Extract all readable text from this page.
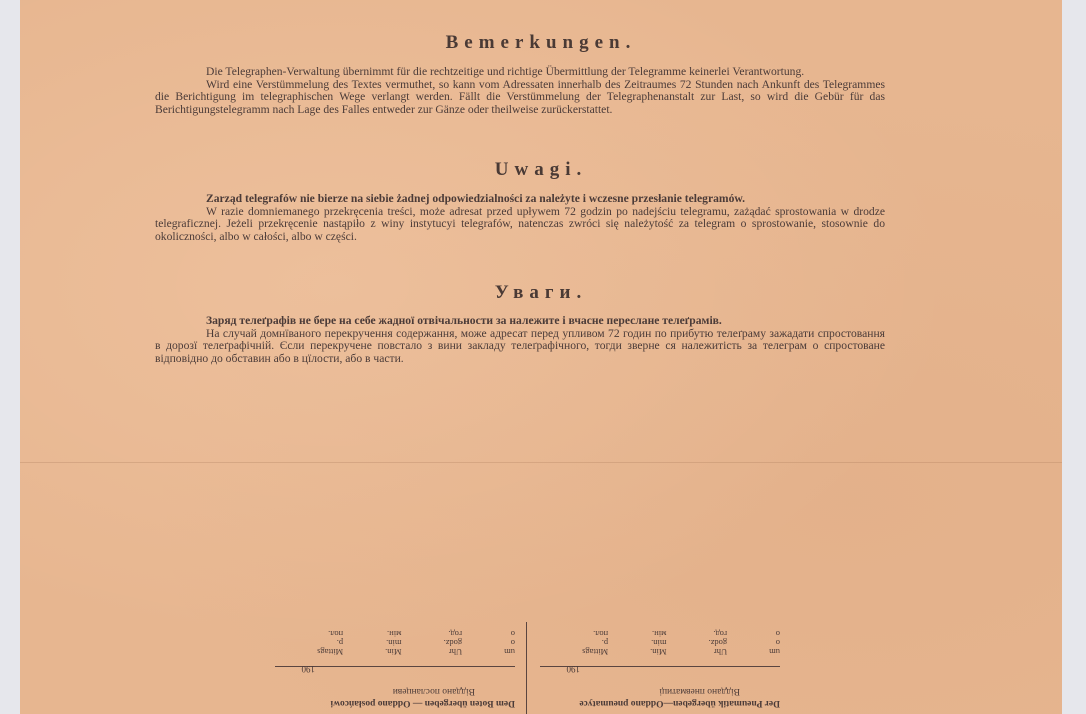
Bemerkungen.

Die Telegraphen-Verwaltung übernimmt für die rechtzeitige und richtige Übermittlung der Telegramme keinerlei Verantwortung.

Wird eine Verstümmelung des Textes vermuthet, so kann vom Adressaten innerhalb des Zeitraumes 72 Stunden nach Ankunft des Telegrammes die Berichtigung im telegraphischen Wege verlangt werden. Fällt die Verstümmelung der Telegraphenanstalt zur Last, so wird die Gebür für das Berichtigungstelegramm nach Lage des Falles entweder zur Gänze oder theilweise zurückerstattet.

Uwagi.

Zarząd telegrafów nie bierze na siebie żadnej odpowiedzialności za należyte i wczesne przesłanie telegramów.

W razie domniemanego przekręcenia treści, może adresat przed upływem 72 godzin po nadejściu telegramu, zażądać sprostowania w drodze telegraficznej. Jeżeli przekręcenie nastąpiło z winy instytucyi telegrafów, natenczas zwróci się należytość za telegram o sprostowanie, stosownie do okoliczności, albo w całości, albo w części.

Уваги.

Заряд телеґрафів не бере на себе жадної отвічальности за належите і вчасне переслане телеґрамів.

На случай домнїваного перекручення содержання, може адресат перед упливом 72 годин по прибутю телеґраму зажадати спростовання в дорозї телеґрафічній. Єсли перекручене повстало з вини закладу телеґрафічного, тогди зверне ся належитість за телеграм о спростоване відповідно до обставин або в цїлости, або в части.

Der Pneumatik übergeben—Oddano pneumatyce
Віддано пневматиці
190
um
o
о
Uhr
godz.
год.
Min.
min.
мін.
Mittags
p.
пол.
Dem Boten übergeben — Oddano posłańcowi
Віддано посланцеви
190
um
o
о
Uhr
godz.
год.
Min.
min.
мін.
Mittags
p.
пол.
